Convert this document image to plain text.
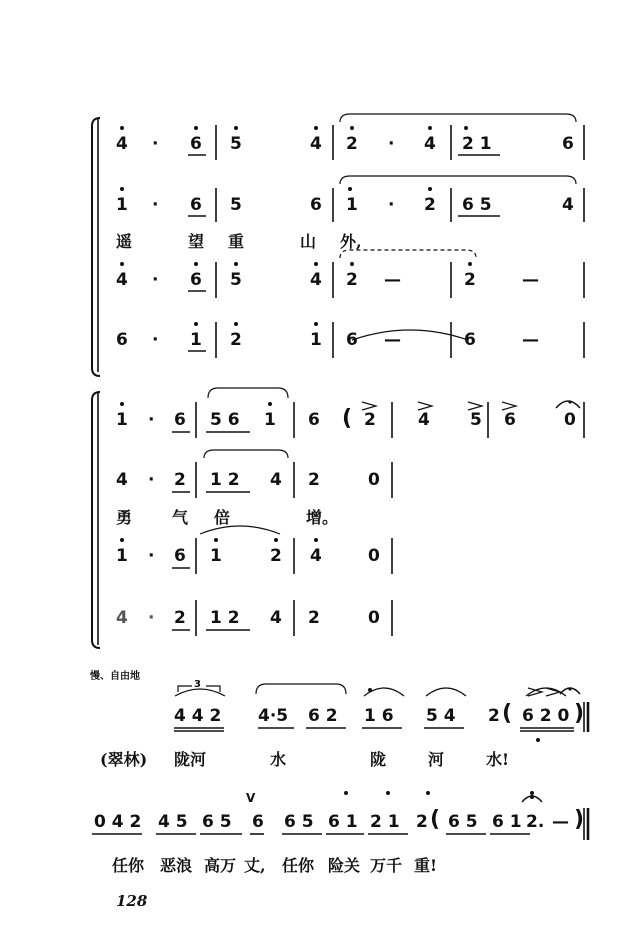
4 · 6 5	4 2 · 4 2 1	6
1 · 6 5	6 1 · 2 6 5	4
遥	望 重	山 外,
4 · 6 5	4 2 —	2	—
6 · 1 2	1 6 —	6	—
1 · 6 5 6 1 6 ( 2 4 5 6	0
4 · 2 1 2 4 2	0
勇 气 倍	增。
1 · 6 1	2 4	0
4 · 2 1 2 4 2	0
慢、自由地
3
4 4 2 4·5 6 2 1 6 5 4 2 ( 6 2 0 )
(翠林) 陇河	水	陇	河	水!
V
0 4 2 4 5 6 5 6 6 5 6 1 2 1 2 ( 6 5 6 1 2. — )
任你 恶浪 高万 丈, 任你 险关 万千 重!
128
